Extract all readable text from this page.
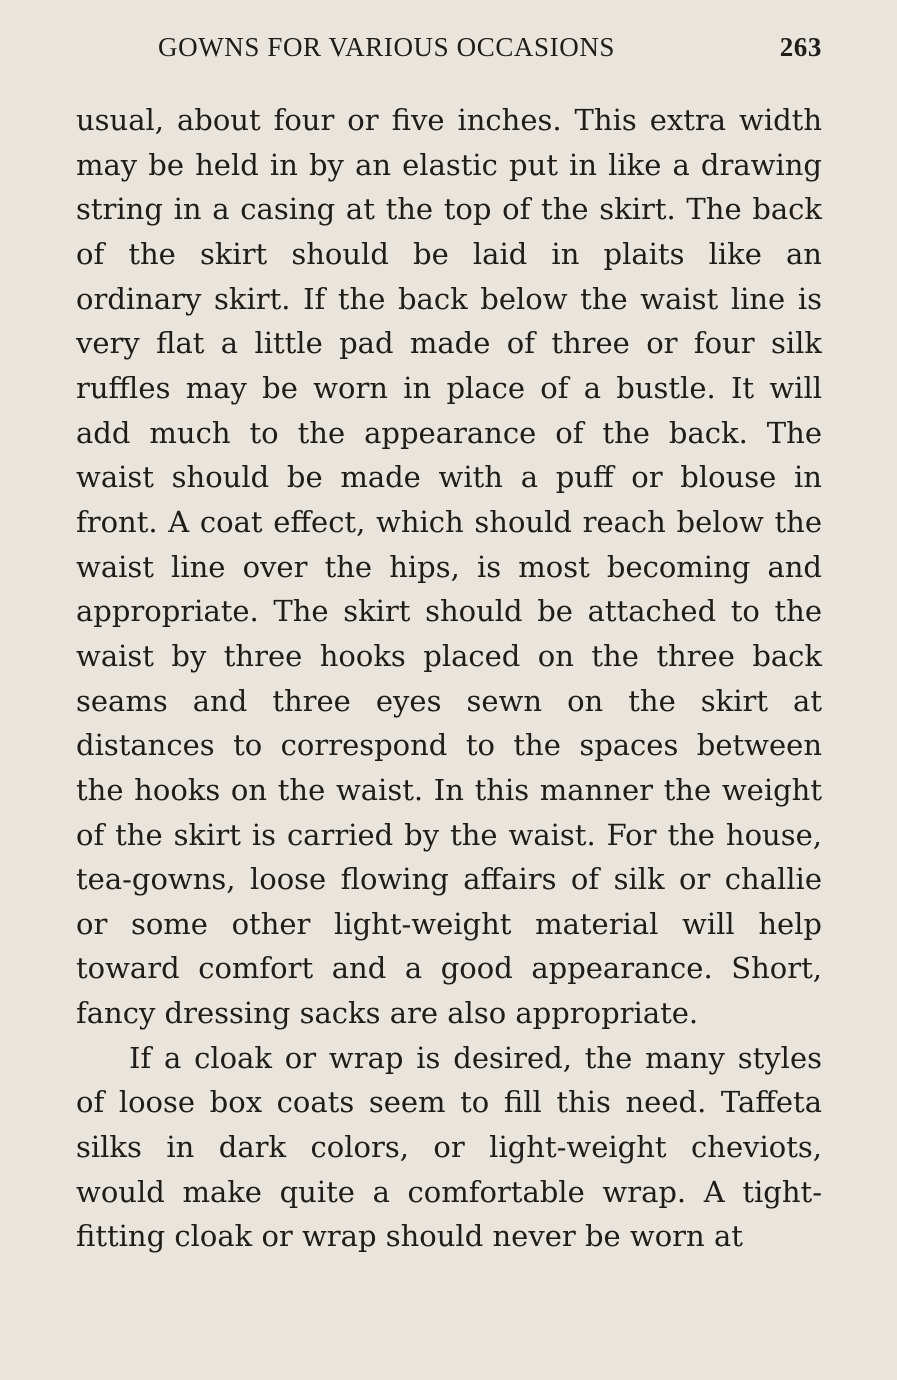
GOWNS FOR VARIOUS OCCASIONS	263

usual, about four or five inches. This extra width may be held in by an elastic put in like a drawing string in a casing at the top of the skirt. The back of the skirt should be laid in plaits like an ordinary skirt. If the back below the waist line is very flat a little pad made of three or four silk ruffles may be worn in place of a bustle. It will add much to the appearance of the back. The waist should be made with a puff or blouse in front. A coat effect, which should reach below the waist line over the hips, is most becoming and appropriate. The skirt should be attached to the waist by three hooks placed on the three back seams and three eyes sewn on the skirt at distances to correspond to the spaces between the hooks on the waist. In this manner the weight of the skirt is carried by the waist. For the house, tea-gowns, loose flowing affairs of silk or challie or some other light-weight material will help toward comfort and a good appearance. Short, fancy dressing sacks are also appropriate.

If a cloak or wrap is desired, the many styles of loose box coats seem to fill this need. Taffeta silks in dark colors, or light-weight cheviots, would make quite a comfortable wrap. A tight-fitting cloak or wrap should never be worn at
